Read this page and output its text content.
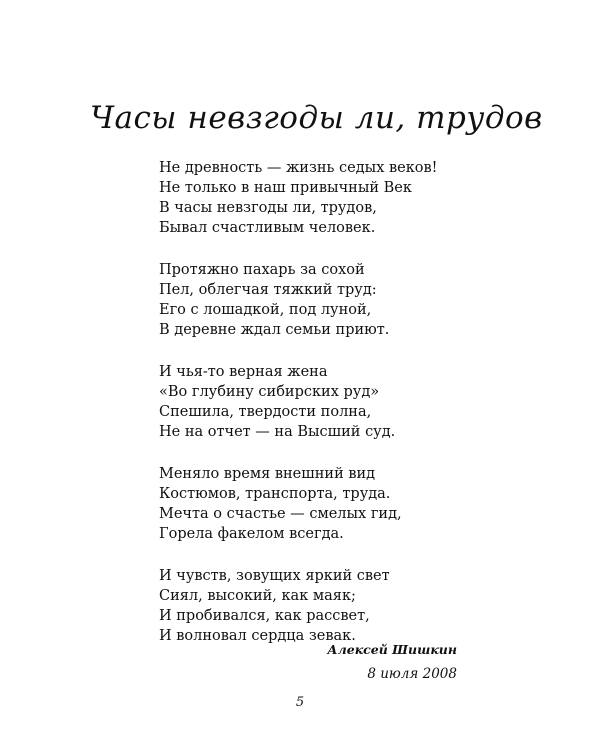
Часы невзгоды ли, трудов
Не древность — жизнь седых веков!
Не только в наш привычный Век
В часы невзгоды ли, трудов,
Бывал счастливым человек.
Протяжно пахарь за сохой
Пел, облегчая тяжкий труд:
Его с лошадкой, под луной,
В деревне ждал семьи приют.
И чья-то верная жена
«Во глубину сибирских руд»
Спешила, твердости полна,
Не на отчет — на Высший суд.
Меняло время внешний вид
Костюмов, транспорта, труда.
Мечта о счастье — смелых гид,
Горела факелом всегда.
И чувств, зовущих яркий свет
Сиял, высокий, как маяк;
И пробивался, как рассвет,
И волновал сердца зевак.
Алексей Шишкин
8 июля 2008
5
